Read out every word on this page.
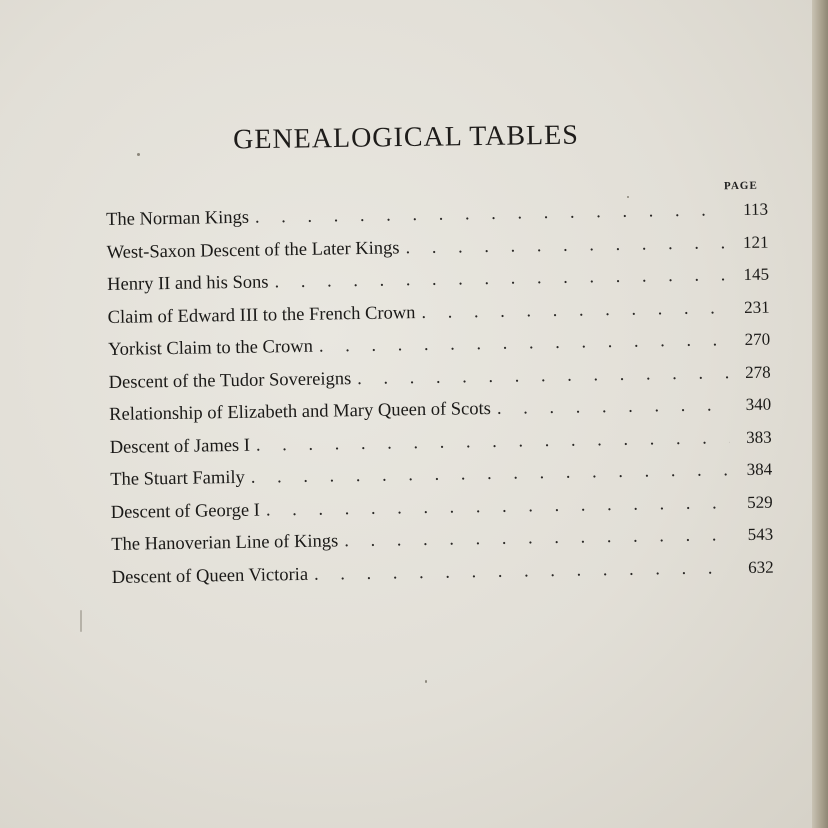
GENEALOGICAL TABLES
PAGE
The Norman Kings . . .	113
West-Saxon Descent of the Later Kings . . .	121
Henry II and his Sons . . .	145
Claim of Edward III to the French Crown . . .	231
Yorkist Claim to the Crown . . .	270
Descent of the Tudor Sovereigns . . .	278
Relationship of Elizabeth and Mary Queen of Scots . . .	340
Descent of James I . . .	383
The Stuart Family . . .	384
Descent of George I . . .	529
The Hanoverian Line of Kings . . .	543
Descent of Queen Victoria . . .	632
